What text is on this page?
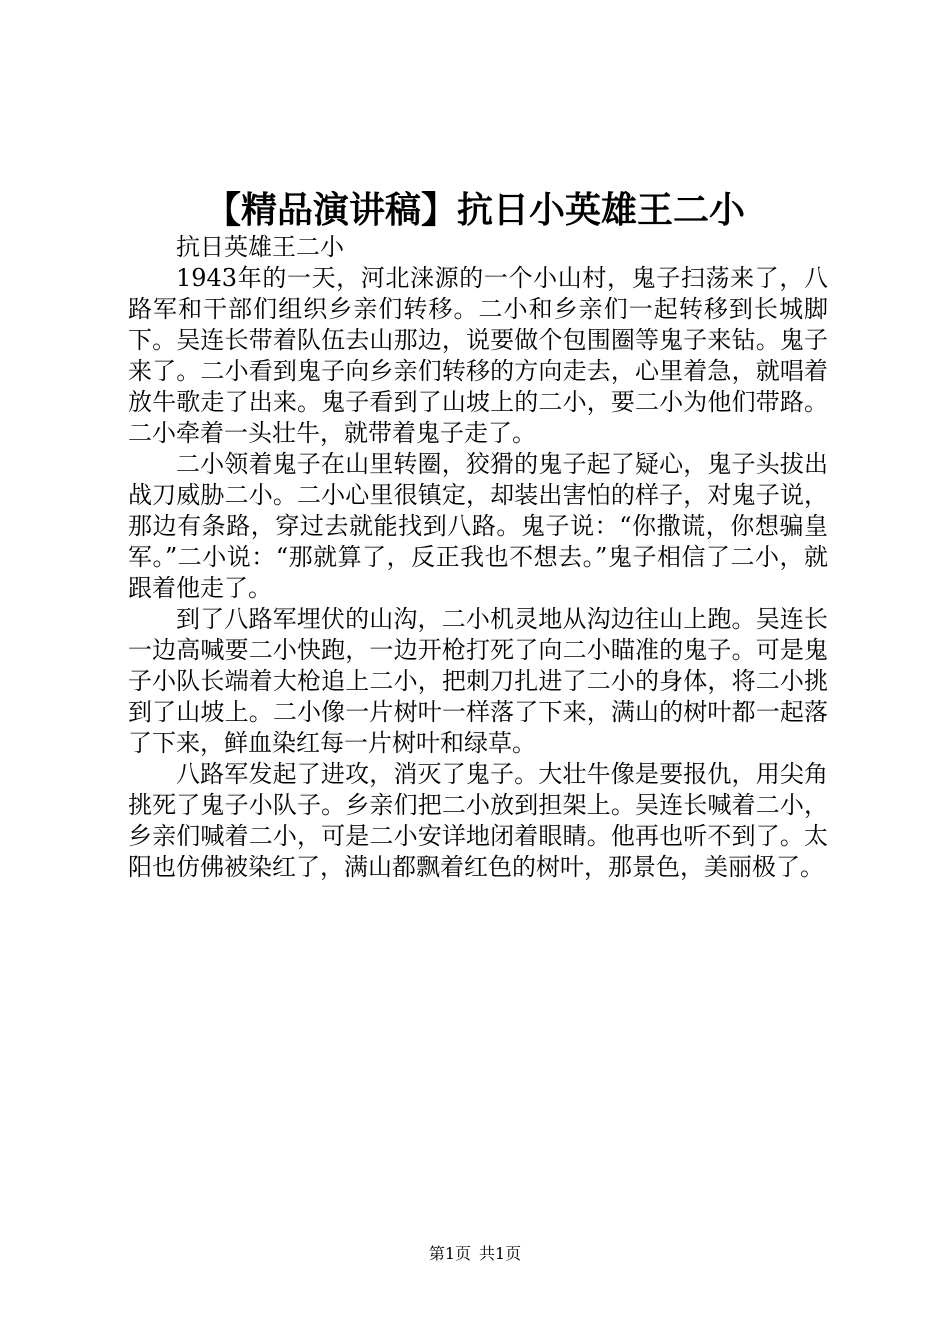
【精品演讲稿】抗日小英雄王二小

抗日英雄王二小

1943年的一天，河北涞源的一个小山村，鬼子扫荡来了，八路军和干部们组织乡亲们转移。二小和乡亲们一起转移到长城脚下。吴连长带着队伍去山那边，说要做个包围圈等鬼子来钻。鬼子来了。二小看到鬼子向乡亲们转移的方向走去，心里着急，就唱着放牛歌走了出来。鬼子看到了山坡上的二小，要二小为他们带路。二小牵着一头壮牛，就带着鬼子走了。

二小领着鬼子在山里转圈，狡猾的鬼子起了疑心，鬼子头拔出战刀威胁二小。二小心里很镇定，却装出害怕的样子，对鬼子说，那边有条路，穿过去就能找到八路。鬼子说：“你撒谎，你想骗皇军。”二小说：“那就算了，反正我也不想去。”鬼子相信了二小，就跟着他走了。

到了八路军埋伏的山沟，二小机灵地从沟边往山上跑。吴连长一边高喊要二小快跑，一边开枪打死了向二小瞄准的鬼子。可是鬼子小队长端着大枪追上二小，把刺刀扎进了二小的身体，将二小挑到了山坡上。二小像一片树叶一样落了下来，满山的树叶都一起落了下来，鲜血染红每一片树叶和绿草。

八路军发起了进攻，消灭了鬼子。大壮牛像是要报仇，用尖角挑死了鬼子小队子。乡亲们把二小放到担架上。吴连长喊着二小，乡亲们喊着二小，可是二小安详地闭着眼睛。他再也听不到了。太阳也仿佛被染红了，满山都飘着红色的树叶，那景色，美丽极了。

第1页 共1页
